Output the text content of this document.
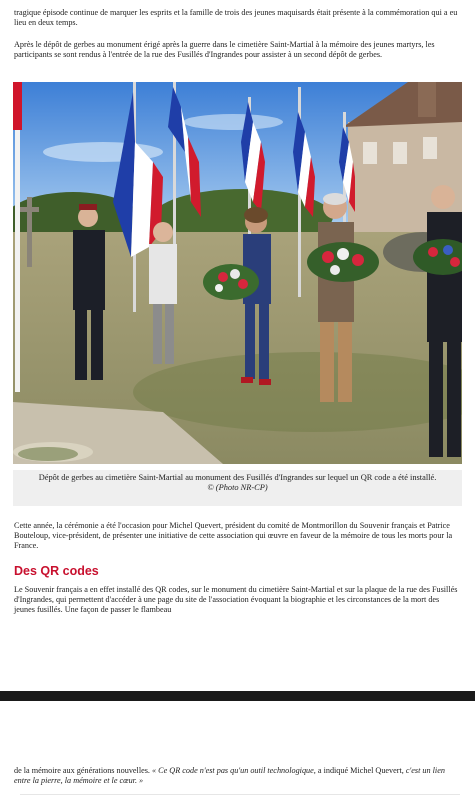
tragique épisode continue de marquer les esprits et la famille de trois des jeunes maquisards était présente à la commémoration qui a eu lieu en deux temps.

Après le dépôt de gerbes au monument érigé après la guerre dans le cimetière Saint-Martial à la mémoire des jeunes martyrs, les participants se sont rendus à l'entrée de la rue des Fusillés d'Ingrandes pour assister à un second dépôt de gerbes.

Dépôt de gerbes au cimetière Saint-Martial au monument des Fusillés d'Ingrandes sur lequel un QR code a été installé.
© (Photo NR-CP)

Cette année, la cérémonie a été l'occasion pour Michel Quevert, président du comité de Montmorillon du Souvenir français et Patrice Bouteloup, vice-président, de présenter une initiative de cette association qui œuvre en faveur de la mémoire de tous les morts pour la France.

Des QR codes

Le Souvenir français a en effet installé des QR codes, sur le monument du cimetière Saint-Martial et sur la plaque de la rue des Fusillés d'Ingrandes, qui permettent d'accéder à une page du site de l'association évoquant la biographie et les circonstances de la mort des jeunes fusillés. Une façon de passer le flambeau

de la mémoire aux générations nouvelles. « Ce QR code n'est pas qu'un outil technologique, a indiqué Michel Quevert, c'est un lien entre la pierre, la mémoire et le cœur. »
